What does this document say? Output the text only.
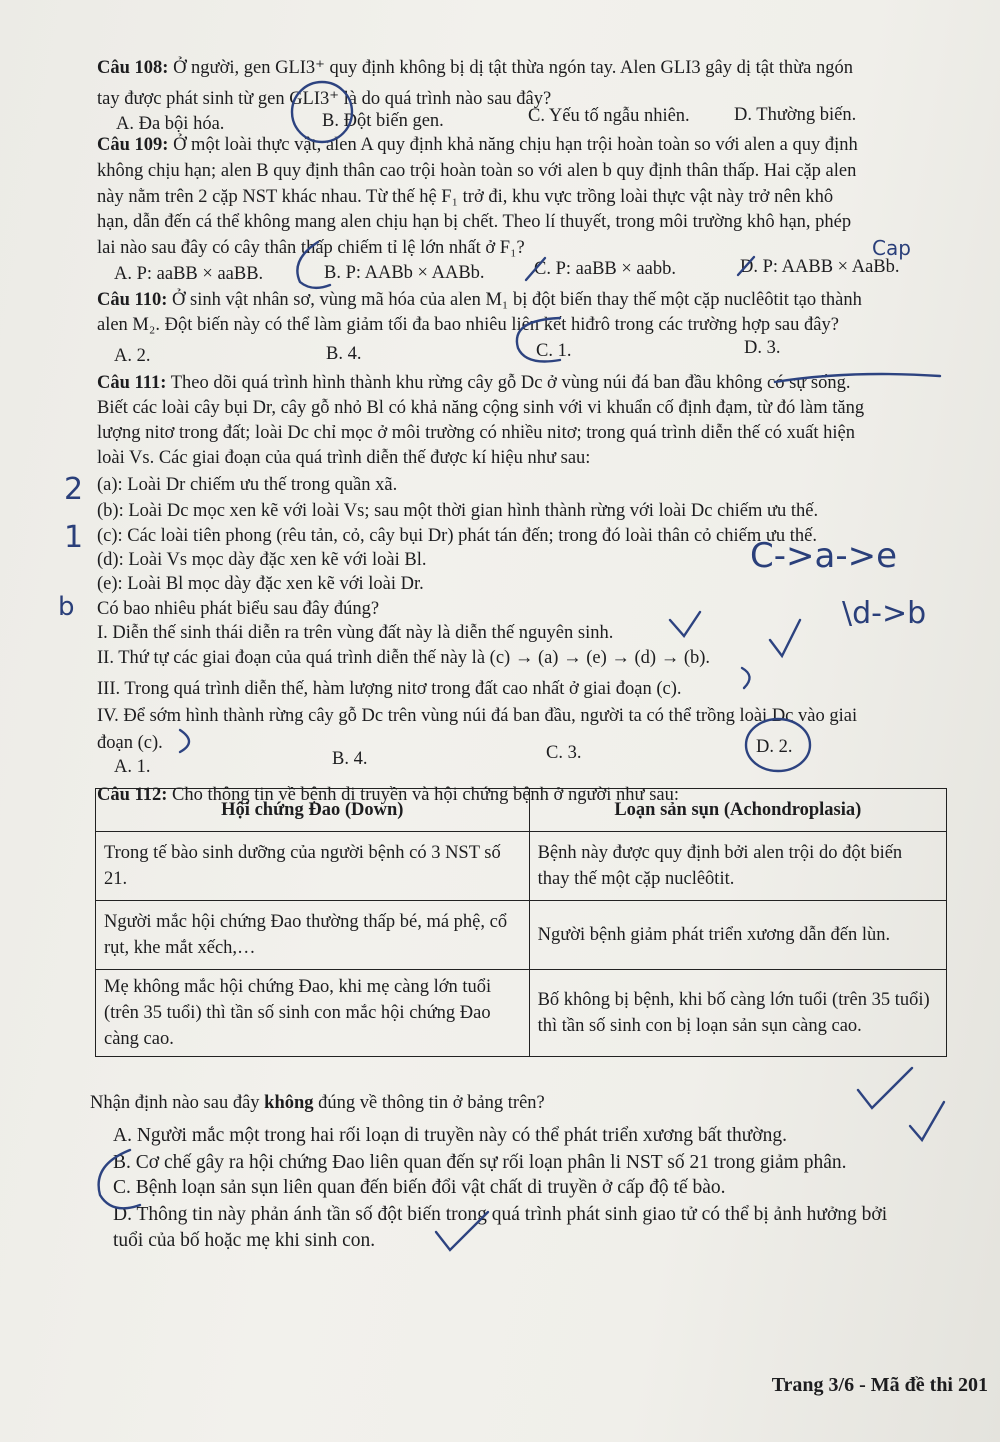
Câu 108: Ở người, gen GLI3⁺ quy định không bị dị tật thừa ngón tay. Alen GLI3 gây dị tật thừa ngón
tay được phát sinh từ gen GLI3⁺ là do quá trình nào sau đây?
A. Đa bội hóa.	B. Đột biến gen.	C. Yếu tố ngẫu nhiên. D. Thường biến.
Câu 109: Ở một loài thực vật, alen A quy định khả năng chịu hạn trội hoàn toàn so với alen a quy định
không chịu hạn; alen B quy định thân cao trội hoàn toàn so với alen b quy định thân thấp. Hai cặp alen
này nằm trên 2 cặp NST khác nhau. Từ thế hệ F₁ trở đi, khu vực trồng loài thực vật này trở nên khô
hạn, dẫn đến cá thể không mang alen chịu hạn bị chết. Theo lí thuyết, trong môi trường khô hạn, phép
lai nào sau đây có cây thân thấp chiếm tỉ lệ lớn nhất ở F₁?
A. P: aaBB × aaBB.	B. P: AABb × AABb.	C. P: aaBB × aabb.	D. P: AABB × AaBb.
Câu 110: Ở sinh vật nhân sơ, vùng mã hóa của alen M₁ bị đột biến thay thế một cặp nuclêôtit tạo thành
alen M₂. Đột biến này có thể làm giảm tối đa bao nhiêu liên kết hiđrô trong các trường hợp sau đây?
A. 2.	B. 4.	C. 1.	D. 3.
Câu 111: Theo dõi quá trình hình thành khu rừng cây gỗ Dc ở vùng núi đá ban đầu không có sự sống.
Biết các loài cây bụi Dr, cây gỗ nhỏ Bl có khả năng cộng sinh với vi khuẩn cố định đạm, từ đó làm tăng
lượng nitơ trong đất; loài Dc chỉ mọc ở môi trường có nhiều nitơ; trong quá trình diễn thế có xuất hiện
loài Vs. Các giai đoạn của quá trình diễn thế được kí hiệu như sau:
(a): Loài Dr chiếm ưu thế trong quần xã.
(b): Loài Dc mọc xen kẽ với loài Vs; sau một thời gian hình thành rừng với loài Dc chiếm ưu thế.
(c): Các loài tiên phong (rêu tản, cỏ, cây bụi Dr) phát tán đến; trong đó loài thân cỏ chiếm ưu thế.
(d): Loài Vs mọc dày đặc xen kẽ với loài Bl.
(e): Loài Bl mọc dày đặc xen kẽ với loài Dr.
Có bao nhiêu phát biểu sau đây đúng?
I. Diễn thế sinh thái diễn ra trên vùng đất này là diễn thế nguyên sinh.
II. Thứ tự các giai đoạn của quá trình diễn thế này là (c) → (a) → (e) → (d) → (b).
III. Trong quá trình diễn thế, hàm lượng nitơ trong đất cao nhất ở giai đoạn (c).
IV. Để sớm hình thành rừng cây gỗ Dc trên vùng núi đá ban đầu, người ta có thể trồng loài Dc vào giai
đoạn (c).
A. 1.	B. 4.	C. 3.	D. 2.
Câu 112: Cho thông tin về bệnh di truyền và hội chứng bệnh ở người như sau:
Hội chứng Đao (Down)	Loạn sản sụn (Achondroplasia)
Trong tế bào sinh dưỡng của người bệnh có 3 NST số 21.	Bệnh này được quy định bởi alen trội do đột biến thay thế một cặp nuclêôtit.
Người mắc hội chứng Đao thường thấp bé, má phệ, cổ rụt, khe mắt xếch,…	Người bệnh giảm phát triển xương dẫn đến lùn.
Mẹ không mắc hội chứng Đao, khi mẹ càng lớn tuổi (trên 35 tuổi) thì tần số sinh con mắc hội chứng Đao càng cao.	Bố không bị bệnh, khi bố càng lớn tuổi (trên 35 tuổi) thì tần số sinh con bị loạn sản sụn càng cao.
Nhận định nào sau đây không đúng về thông tin ở bảng trên?
A. Người mắc một trong hai rối loạn di truyền này có thể phát triển xương bất thường.
B. Cơ chế gây ra hội chứng Đao liên quan đến sự rối loạn phân li NST số 21 trong giảm phân.
C. Bệnh loạn sản sụn liên quan đến biến đổi vật chất di truyền ở cấp độ tế bào.
D. Thông tin này phản ánh tần số đột biến trong quá trình phát sinh giao tử có thể bị ảnh hưởng bởi
tuổi của bố hoặc mẹ khi sinh con.
Cap
C->a->e
\d->b
2
1
b
Trang 3/6 - Mã đề thi 201
